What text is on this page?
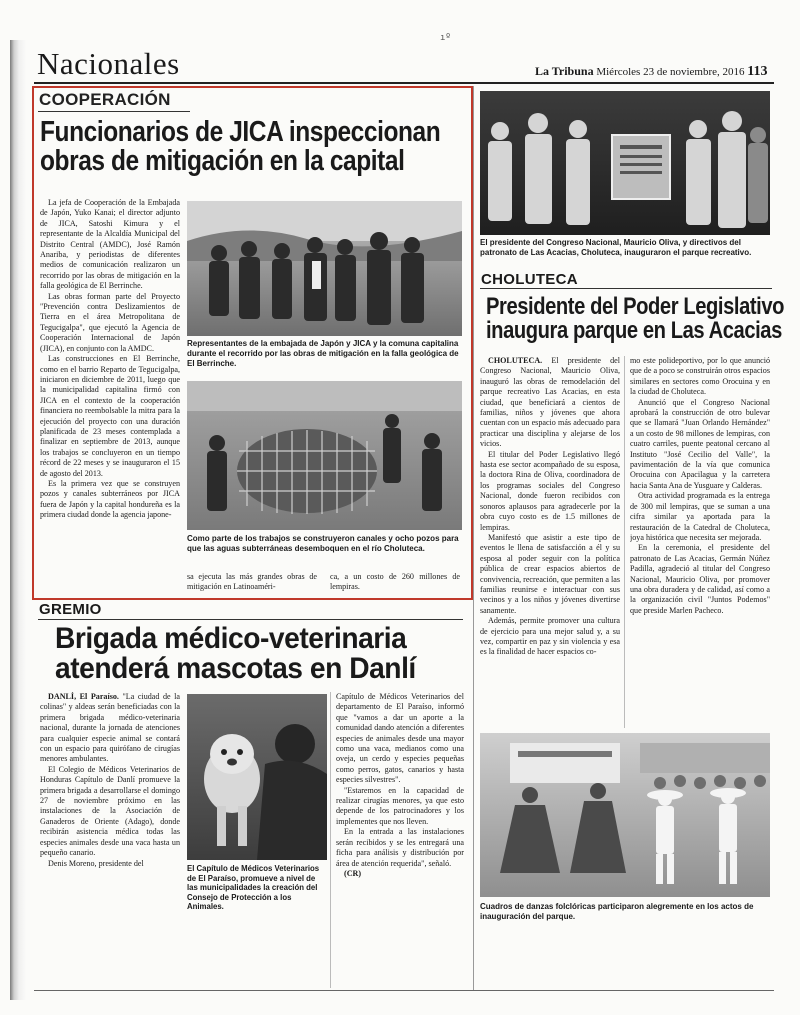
ıº
Nacionales	La Tribuna Miércoles 23 de noviembre, 2016 113
COOPERACIÓN
Funcionarios de JICA inspeccionan
obras de mitigación en la capital

La jefa de Cooperación de la Embajada de Japón, Yuko Kanai; el director adjunto de JICA, Satoshi Kimura y el representante de la Alcaldía Municipal del Distrito Central (AMDC), José Ramón Anariba, y periodistas de diferentes medios de comunicación realizaron un recorrido por las obras de mitigación en la falla geológica de El Berrinche.

Las obras forman parte del Proyecto "Prevención contra Deslizamientos de Tierra en el área Metropolitana de Tegucigalpa", que ejecutó la Agencia de Cooperación Internacional de Japón (JICA), en conjunto con la AMDC.

Las construcciones en El Berrinche, como en el barrio Reparto de Tegucigalpa, iniciaron en diciembre de 2011, luego que la municipalidad capitalina firmó con JICA en el contexto de la cooperación financiera no reembolsable la mitra para la ejecución del proyecto con una duración planificada de 23 meses contemplada a finalizar en septiembre de 2013, aunque los trabajos se concluyeron en un tiempo récord de 22 meses y se inauguraron el 15 de agosto del 2013.

Es la primera vez que se construyen pozos y canales subterráneos por JICA fuera de Japón y la capital hondureña es la primera ciudad donde la agencia japone-

Representantes de la embajada de Japón y JICA y la comuna capitalina durante el recorrido por las obras de mitigación en la falla geológica de El Berrinche.
Como parte de los trabajos se construyeron canales y ocho pozos para que las aguas subterráneas desemboquen en el río Choluteca.
sa ejecuta las más grandes obras de mitigación en Latinoaméri-
ca, a un costo de 260 millones de lempiras.
GREMIO
Brigada médico-veterinaria
atenderá mascotas en Danlí

DANLÍ, El Paraíso. "La ciudad de la colinas" y aldeas serán beneficiadas con la primera brigada médico-veterinaria nacional, durante la jornada de atenciones para cualquier especie animal se contará con un espacio para quirófano de cirugías menores ambulantes.

El Colegio de Médicos Veterinarios de Honduras Capítulo de Danlí promueve la primera brigada a desarrollarse el domingo 27 de noviembre próximo en las instalaciones de la Asociación de Ganaderos de Oriente (Adago), donde recibirán asistencia médica todas las especies animales desde una vaca hasta un pequeño canario.

Denis Moreno, presidente del

El Capítulo de Médicos Veterinarios de El Paraíso, promueve a nivel de las municipalidades la creación del Consejo de Protección a los Animales.

Capítulo de Médicos Veterinarios del departamento de El Paraíso, informó que "vamos a dar un aporte a la comunidad dando atención a diferentes especies de animales desde una mayor como una vaca, medianos como una oveja, un cerdo y especies pequeñas como perros, gatos, canarios y hasta especies silvestres".

"Estaremos en la capacidad de realizar cirugías menores, ya que esto depende de los patrocinadores y los implementes que nos lleven.

En la entrada a las instalaciones serán recibidos y se les entregará una ficha para análisis y distribución por área de atención requerida", señaló.

(CR)

El presidente del Congreso Nacional, Mauricio Oliva, y directivos del patronato de Las Acacias, Choluteca, inauguraron el parque recreativo.
CHOLUTECA
Presidente del Poder Legislativo
inaugura parque en Las Acacias

CHOLUTECA. El presidente del Congreso Nacional, Mauricio Oliva, inauguró las obras de remodelación del parque recreativo Las Acacias, en esta ciudad, que beneficiará a cientos de familias, niños y jóvenes que ahora cuentan con un espacio más adecuado para practicar una disciplina y alejarse de los vicios.

El titular del Poder Legislativo llegó hasta ese sector acompañado de su esposa, la doctora Rina de Oliva, coordinadora de los programas sociales del Congreso Nacional, donde fueron recibidos con sonoros aplausos para agradecerle por la obra cuyo costo es de 1.5 millones de lempiras.

Manifestó que asistir a este tipo de eventos le llena de satisfacción a él y su esposa al poder seguir con la política pública de crear espacios abiertos de convivencia, recreación, que permiten a las familias reunirse e interactuar con sus vecinos y a los niños y jóvenes divertirse sanamente.

Además, permite promover una cultura de ejercicio para una mejor salud y, a su vez, compartir en paz y sin violencia y esa es la finalidad de hacer espacios co-

mo este polideportivo, por lo que anunció que de a poco se construirán otros espacios similares en sectores como Orocuina y en la ciudad de Choluteca.

Anunció que el Congreso Nacional aprobará la construcción de otro bulevar que se llamará "Juan Orlando Hernández" a un costo de 98 millones de lempiras, con cuatro carriles, puente peatonal cercano al Instituto "José Cecilio del Valle", la pavimentación de la vía que comunica Orocuina con Apacilagua y la carretera hacia Santa Ana de Yusguare y Calderas.

Otra actividad programada es la entrega de 300 mil lempiras, que se suman a una cifra similar ya aportada para la restauración de la Catedral de Choluteca, joya histórica que necesita ser mejorada.

En la ceremonia, el presidente del patronato de Las Acacias, Germán Núñez Padilla, agradeció al titular del Congreso Nacional, Mauricio Oliva, por promover una obra duradera y de calidad, así como a la organización civil "Juntos Podemos" que preside Marlen Pacheco.

Cuadros de danzas folclóricas participaron alegremente en los actos de inauguración del parque.
